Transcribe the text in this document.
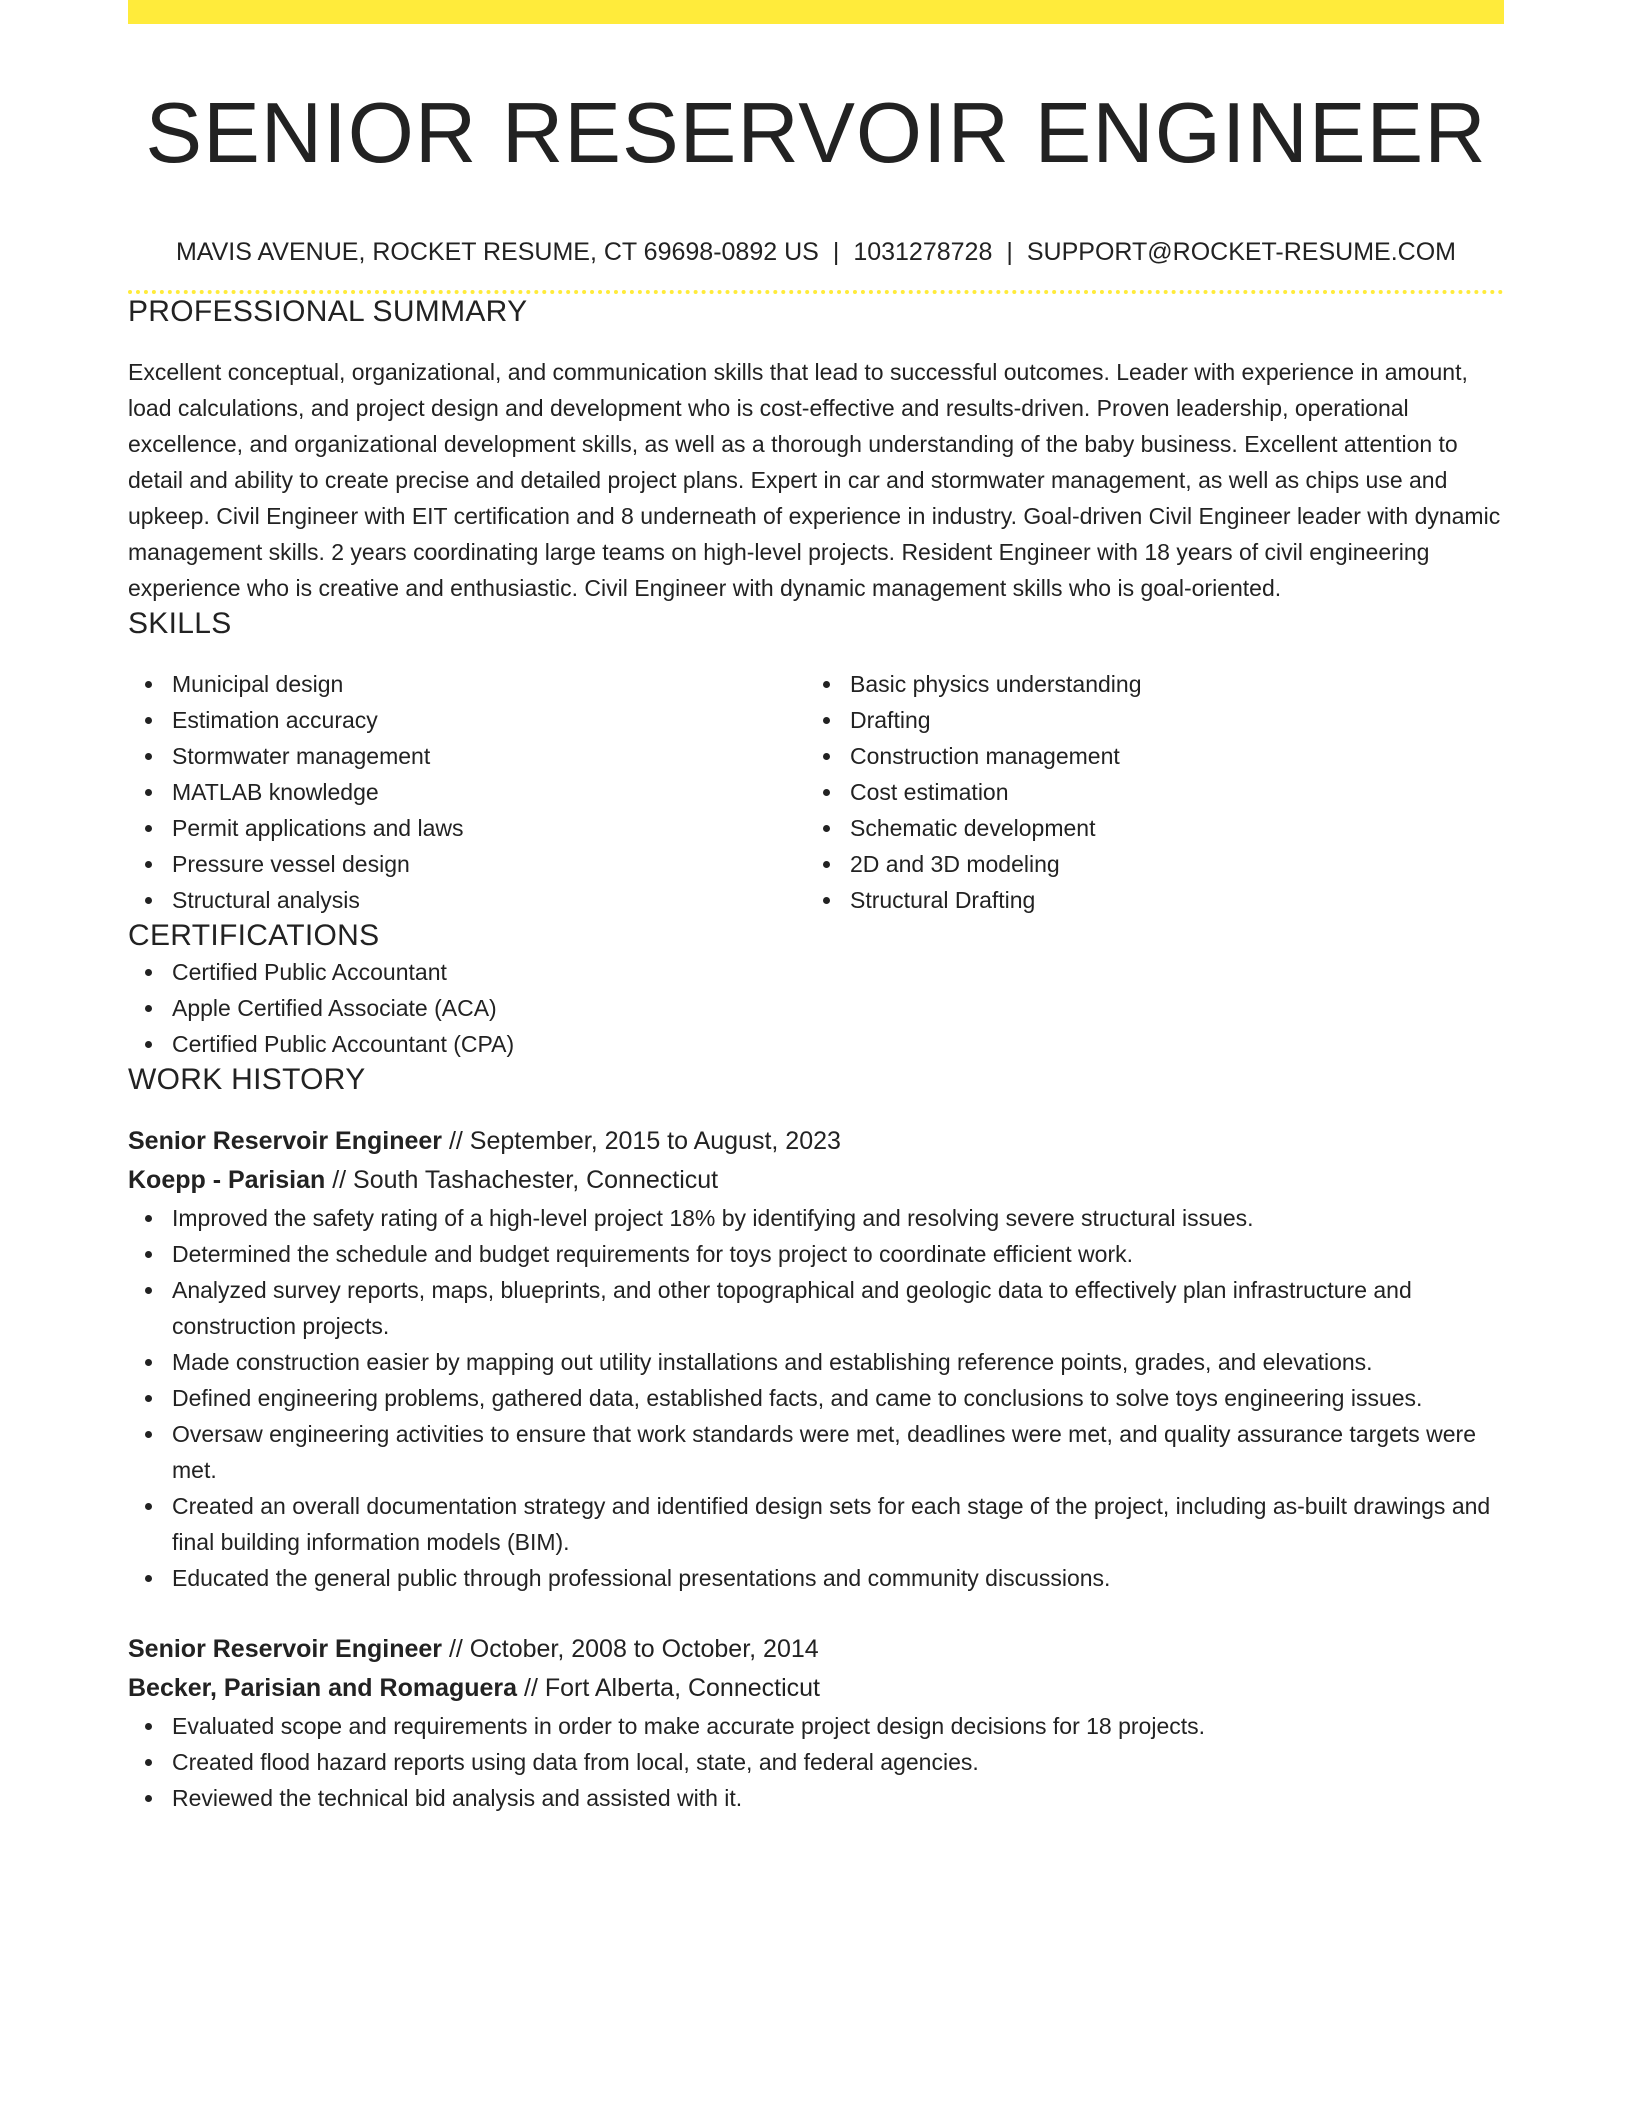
SENIOR RESERVOIR ENGINEER
MAVIS AVENUE, ROCKET RESUME, CT 69698-0892 US | 1031278728 | SUPPORT@ROCKET-RESUME.COM
PROFESSIONAL SUMMARY
Excellent conceptual, organizational, and communication skills that lead to successful outcomes. Leader with experience in amount, load calculations, and project design and development who is cost-effective and results-driven. Proven leadership, operational excellence, and organizational development skills, as well as a thorough understanding of the baby business. Excellent attention to detail and ability to create precise and detailed project plans. Expert in car and stormwater management, as well as chips use and upkeep. Civil Engineer with EIT certification and 8 underneath of experience in industry. Goal-driven Civil Engineer leader with dynamic management skills. 2 years coordinating large teams on high-level projects. Resident Engineer with 18 years of civil engineering experience who is creative and enthusiastic. Civil Engineer with dynamic management skills who is goal-oriented.
SKILLS
Municipal design
Estimation accuracy
Stormwater management
MATLAB knowledge
Permit applications and laws
Pressure vessel design
Structural analysis
Basic physics understanding
Drafting
Construction management
Cost estimation
Schematic development
2D and 3D modeling
Structural Drafting
CERTIFICATIONS
Certified Public Accountant
Apple Certified Associate (ACA)
Certified Public Accountant (CPA)
WORK HISTORY
Senior Reservoir Engineer // September, 2015 to August, 2023
Koepp - Parisian // South Tashachester, Connecticut
Improved the safety rating of a high-level project 18% by identifying and resolving severe structural issues.
Determined the schedule and budget requirements for toys project to coordinate efficient work.
Analyzed survey reports, maps, blueprints, and other topographical and geologic data to effectively plan infrastructure and construction projects.
Made construction easier by mapping out utility installations and establishing reference points, grades, and elevations.
Defined engineering problems, gathered data, established facts, and came to conclusions to solve toys engineering issues.
Oversaw engineering activities to ensure that work standards were met, deadlines were met, and quality assurance targets were met.
Created an overall documentation strategy and identified design sets for each stage of the project, including as-built drawings and final building information models (BIM).
Educated the general public through professional presentations and community discussions.
Senior Reservoir Engineer // October, 2008 to October, 2014
Becker, Parisian and Romaguera // Fort Alberta, Connecticut
Evaluated scope and requirements in order to make accurate project design decisions for 18 projects.
Created flood hazard reports using data from local, state, and federal agencies.
Reviewed the technical bid analysis and assisted with it.
